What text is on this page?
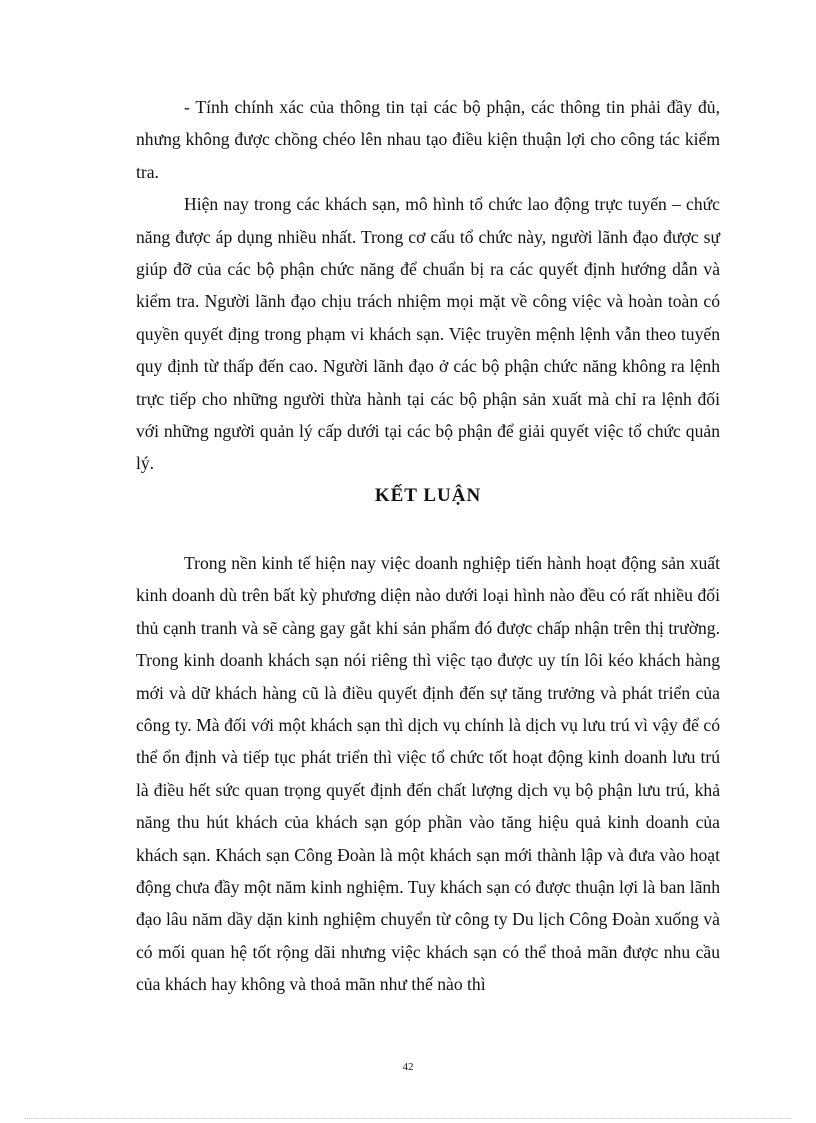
- Tính chính xác của thông tin tại các bộ phận, các thông tin phải đầy đủ, nhưng không được chồng chéo lên nhau tạo điều kiện thuận lợi cho công tác kiểm tra.

Hiện nay trong các khách sạn, mô hình tổ chức lao động trực tuyến – chức năng được áp dụng nhiều nhất. Trong cơ cấu tổ chức này, người lãnh đạo được sự giúp đỡ của các bộ phận chức năng để chuẩn bị ra các quyết định hướng dẫn và kiểm tra. Người lãnh đạo chịu trách nhiệm mọi mặt về công việc và hoàn toàn có quyền quyết địng trong phạm vi khách sạn. Việc truyền mệnh lệnh vẫn theo tuyến quy định từ thấp đến cao. Người lãnh đạo ở các bộ phận chức năng không ra lệnh trực tiếp cho những người thừa hành tại các bộ phận sản xuất mà chỉ ra lệnh đối với những người quản lý cấp dưới tại các bộ phận để giải quyết việc tổ chức quản lý.

KẾT LUẬN

Trong nền kinh tế hiện nay việc doanh nghiệp tiến hành hoạt động sản xuất kinh doanh dù trên bất kỳ phương diện nào dưới loại hình nào đều có rất nhiều đối thủ cạnh tranh và sẽ càng gay gắt khi sản phẩm đó được chấp nhận trên thị trường. Trong kinh doanh khách sạn nói riêng thì việc tạo được uy tín lôi kéo khách hàng mới và dữ khách hàng cũ là điều quyết định đến sự tăng trưởng và phát triển của công ty. Mà đối với một khách sạn thì dịch vụ chính là dịch vụ lưu trú vì vậy để có thể ổn định và tiếp tục phát triển thì việc tổ chức tốt hoạt động kinh doanh lưu trú là điều hết sức quan trọng quyết định đến chất lượng dịch vụ bộ phận lưu trú, khả năng thu hút khách của khách sạn góp phần vào tăng hiệu quả kinh doanh của khách sạn. Khách sạn Công Đoàn là một khách sạn mới thành lập và đưa vào hoạt động chưa đầy một năm kinh nghiệm. Tuy khách sạn có được thuận lợi là ban lãnh đạo lâu năm dầy dặn kinh nghiệm chuyển từ công ty Du lịch Công Đoàn xuống và có mối quan hệ tốt rộng dãi nhưng việc khách sạn có thể thoả mãn được nhu cầu của khách hay không và thoả mãn như thế nào thì

42
